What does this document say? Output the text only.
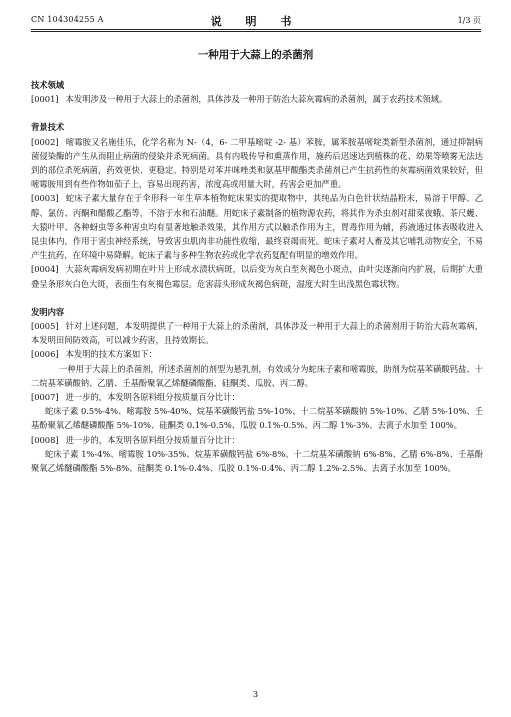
CN 104304255 A	说 明 书	1/3 页
一种用于大蒜上的杀菌剂
技术领域

[0001] 本发明涉及一种用于大蒜上的杀菌剂，具体涉及一种用于防治大蒜灰霉病的杀菌剂，属于农药技术领域。

背景技术

[0002] 嘧霉胺又名施佳乐，化学名称为 N-（4，6- 二甲基嘧啶 -2- 基）苯胺，属苯胺基嘧啶类新型杀菌剂，通过抑制病菌侵染酶的产生从而阻止病菌的侵染并杀死病菌。具有内吸传导和熏蒸作用，施药后迅速达到植株的花、幼果等喷雾无法达到的部位杀死病菌，药效更快、更稳定。特别是对苯并咪唑类和氨基甲酸酯类杀菌剂已产生抗药性的灰霉病菌效果较好，但嘧霉胺用到有些作物如茄子上，容易出现药害，浓度高或用量大时，药害会更加严重。

[0003] 蛇床子素大量存在于伞形科一年生草本植物蛇床果实的提取物中，其纯品为白色针状结晶粉末，易溶于甲醇、乙醇、氯仿、丙酮和醋酸乙酯等，不溶于水和石油醚。用蛇床子素制备的植物源农药，将其作为杀虫剂对甜菜夜蛾、茶尺蠖、大猿叶甲、各种蚜虫等多种害虫均有显著地触杀效果，其作用方式以触杀作用为主，胃毒作用为辅，药液通过体表吸收进入昆虫体内，作用于害虫神经系统，导致害虫肌肉非功能性收缩，最终衰竭而死。蛇床子素对人畜及其它哺乳动物安全，不易产生抗药，在环境中易降解。蛇床子素与多种生物农药或化学农药复配有明显的增效作用。

[0004] 大蒜灰霉病发病初期在叶片上形成水渍状病斑，以后变为灰白至灰褐色小斑点，由叶尖逐渐向内扩展，后期扩大重叠呈条形灰白色大斑，表面生有灰褐色霉层。危害蒜头形成灰褐色病斑，湿度大时生出浅黑色霉状物。

发明内容

[0005] 针对上述问题，本发明提供了一种用于大蒜上的杀菌剂，具体涉及一种用于大蒜上的杀菌剂用于防治大蒜灰霉病，本发明田间防效高，可以减少药害，且持效期长。

[0006] 本发明的技术方案如下：

一种用于大蒜上的杀菌剂，所述杀菌剂的剂型为悬乳剂，有效成分为蛇床子素和嘧霉胺，助剂为烷基苯磺酸钙盐、十二烷基苯磺酸钠、乙腈、壬基酚聚氧乙烯醚磷酸酯、硅酮类、瓜胶、丙二醇。

[0007] 进一步的，本发明各原料组分按质量百分比计：

蛇床子素 0.5%-4%、嘧霉胺 5%-40%、烷基苯磺酸钙盐 5%-10%、十二烷基苯磺酸钠 5%-10%、乙腈 5%-10%、壬基酚聚氧乙烯醚磷酸酯 5%-10%、硅酮类 0.1%-0.5%、瓜胶 0.1%-0.5%、丙二醇 1%-3%、去离子水加至 100%。

[0008] 进一步的，本发明各原料组分按质量百分比计：

蛇床子素 1%-4%、嘧霉胺 10%-35%、烷基苯磺酸钙盐 6%-8%、十二烷基苯磺酸钠 6%-8%、乙腈 6%-8%、壬基酚聚氧乙烯醚磷酸酯 5%-8%、硅酮类 0.1%-0.4%、瓜胶 0.1%-0.4%、丙二醇 1.2%-2.5%、去离子水加至 100%。

3
